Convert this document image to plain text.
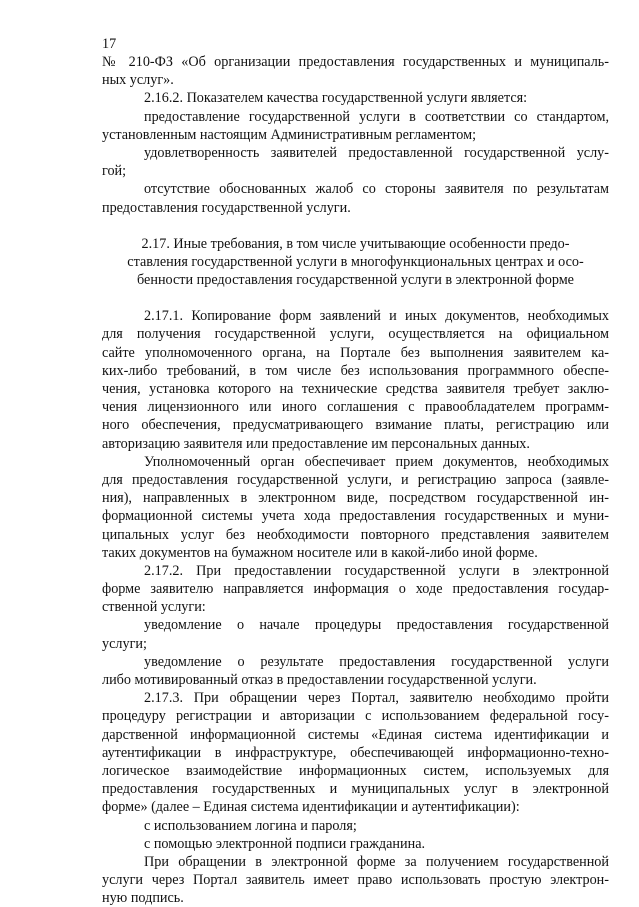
17
№ 210-ФЗ «Об организации предоставления государственных и муниципаль-
ных услуг».
2.16.2. Показателем качества государственной услуги является:
предоставление государственной услуги в соответствии со стандартом,
установленным настоящим Административным регламентом;
удовлетворенность заявителей предоставленной государственной услу-
гой;
отсутствие обоснованных жалоб со стороны заявителя по результатам
предоставления государственной услуги.
2.17. Иные требования, в том числе учитывающие особенности предо-
ставления государственной услуги в многофункциональных центрах и осо-
бенности предоставления государственной услуги в электронной форме
2.17.1. Копирование форм заявлений и иных документов, необходимых
для получения государственной услуги, осуществляется на официальном
сайте уполномоченного органа, на Портале без выполнения заявителем ка-
ких-либо требований, в том числе без использования программного обеспе-
чения, установка которого на технические средства заявителя требует заклю-
чения лицензионного или иного соглашения с правообладателем программ-
ного обеспечения, предусматривающего взимание платы, регистрацию или
авторизацию заявителя или предоставление им персональных данных.
Уполномоченный орган обеспечивает прием документов, необходимых
для предоставления государственной услуги, и регистрацию запроса (заявле-
ния), направленных в электронном виде, посредством государственной ин-
формационной системы учета хода предоставления государственных и муни-
ципальных услуг без необходимости повторного представления заявителем
таких документов на бумажном носителе или в какой-либо иной форме.
2.17.2. При предоставлении государственной услуги в электронной
форме заявителю направляется информация о ходе предоставления государ-
ственной услуги:
уведомление о начале процедуры предоставления государственной
услуги;
уведомление о результате предоставления государственной услуги
либо мотивированный отказ в предоставлении государственной услуги.
2.17.3. При обращении через Портал, заявителю необходимо пройти
процедуру регистрации и авторизации с использованием федеральной госу-
дарственной информационной системы «Единая система идентификации и
аутентификации в инфраструктуре, обеспечивающей информационно-техно-
логическое взаимодействие информационных систем, используемых для
предоставления государственных и муниципальных услуг в электронной
форме» (далее – Единая система идентификации и аутентификации):
с использованием логина и пароля;
с помощью электронной подписи гражданина.
При обращении в электронной форме за получением государственной
услуги через Портал заявитель имеет право использовать простую электрон-
ную подпись.
